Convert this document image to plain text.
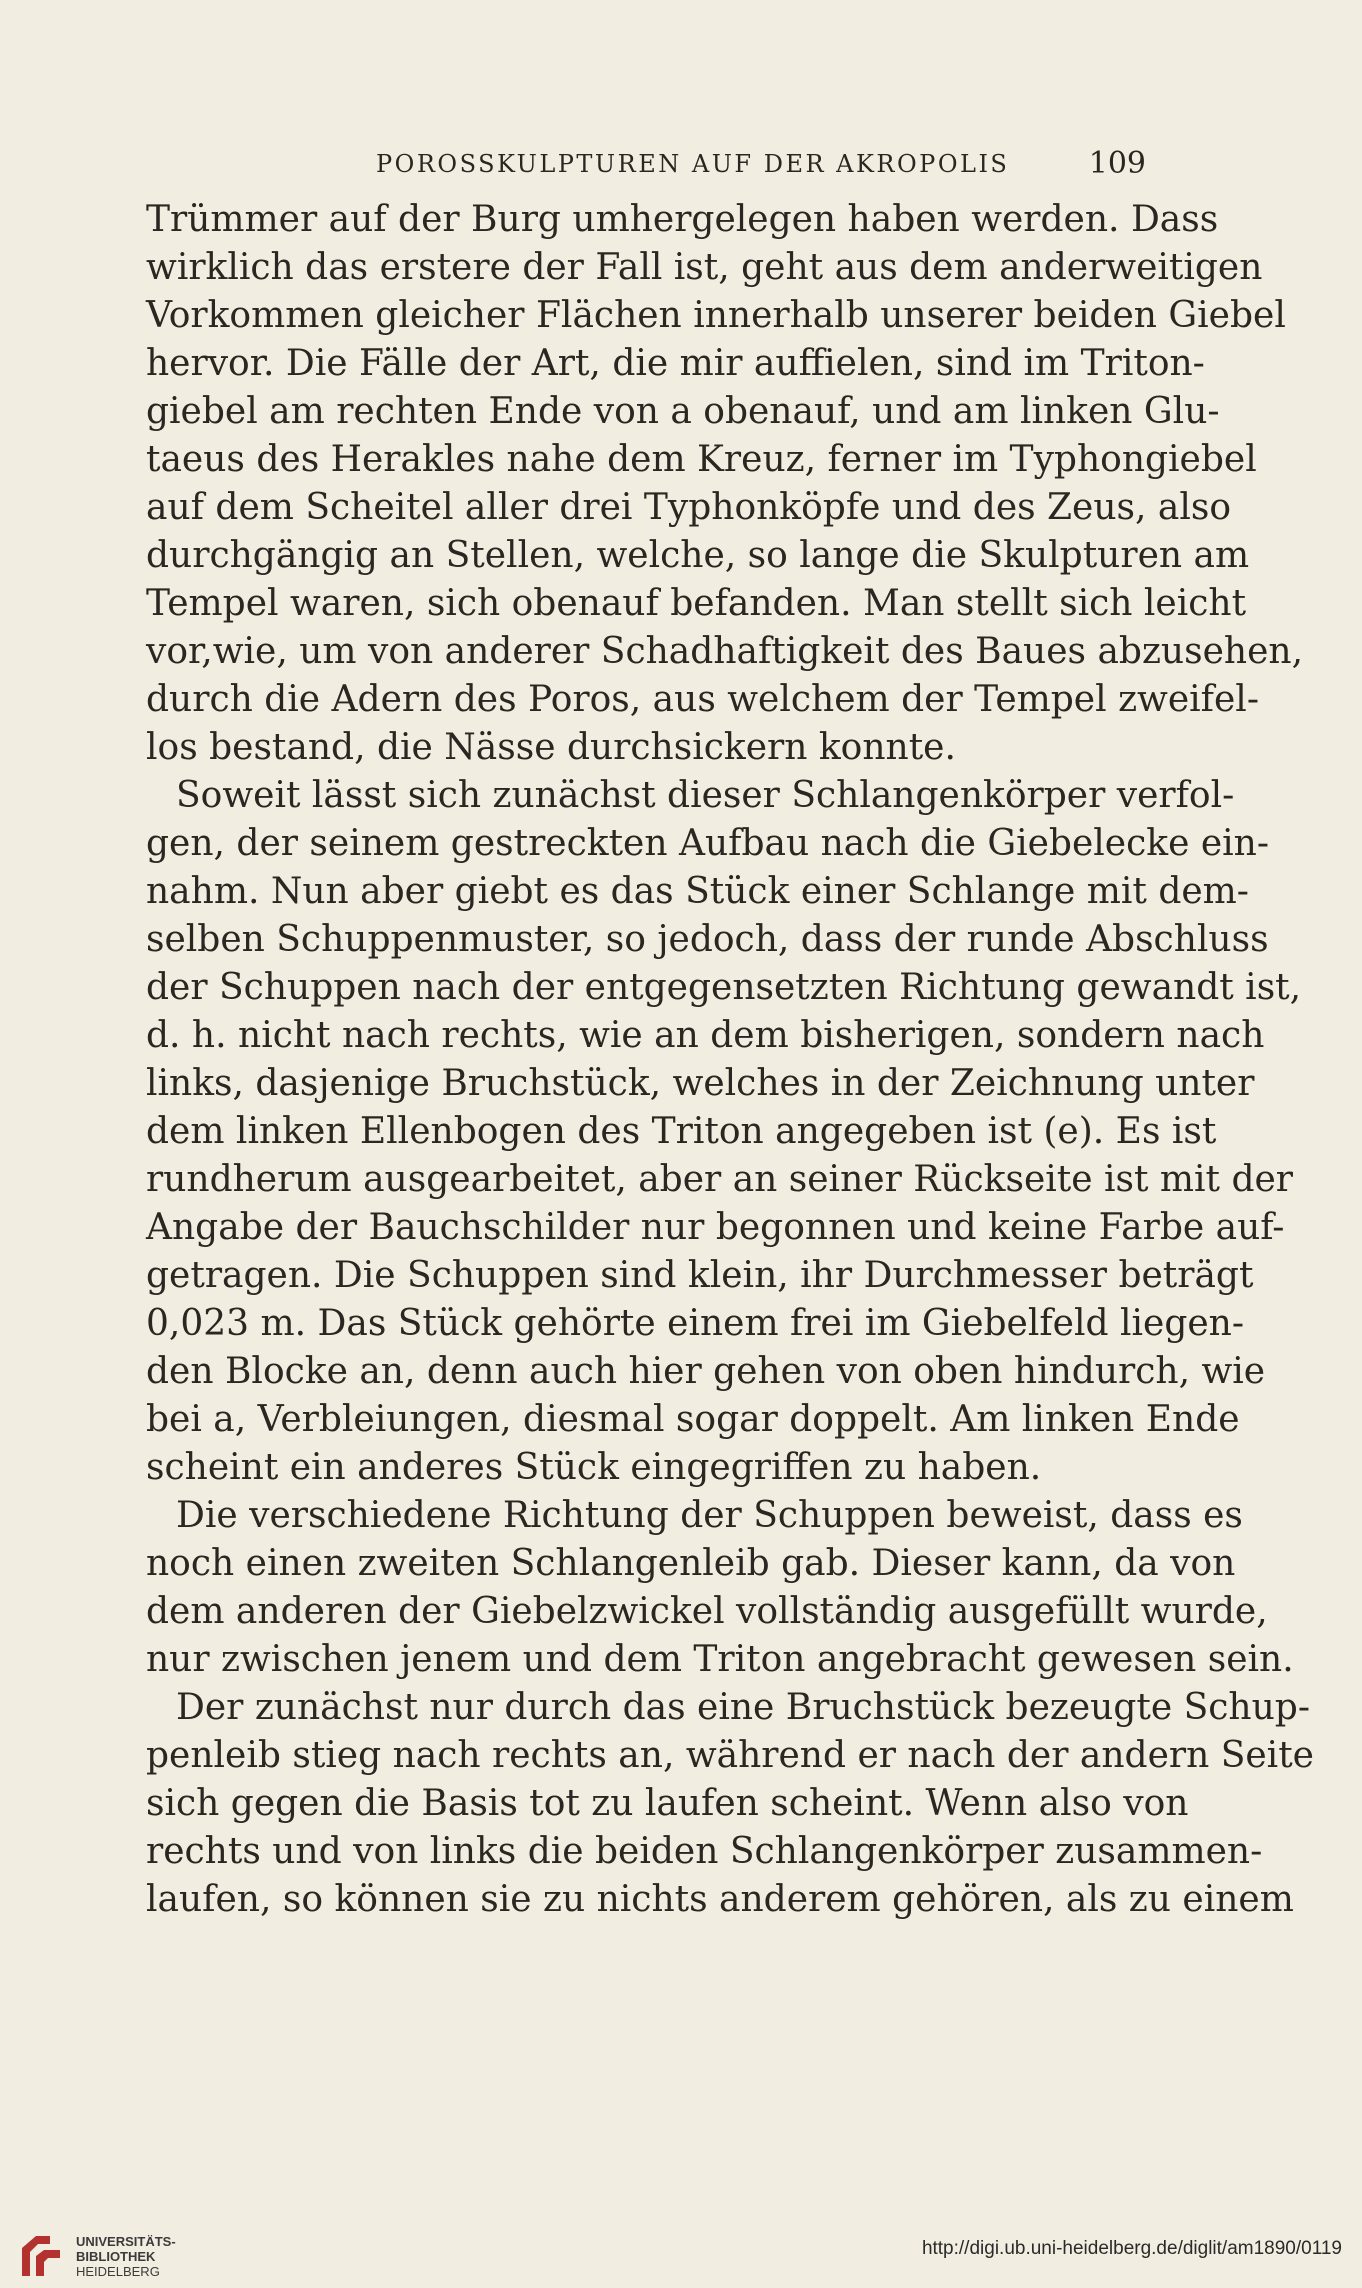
POROSSKULPTUREN AUF DER AKROPOLIS	109
Trümmer auf der Burg umhergelegen haben werden. Dass
wirklich das erstere der Fall ist, geht aus dem anderweitigen
Vorkommen gleicher Flächen innerhalb unserer beiden Giebel
hervor. Die Fälle der Art, die mir auffielen, sind im Triton-
giebel am rechten Ende von a obenauf, und am linken Glu-
taeus des Herakles nahe dem Kreuz, ferner im Typhongiebel
auf dem Scheitel aller drei Typhonköpfe und des Zeus, also
durchgängig an Stellen, welche, so lange die Skulpturen am
Tempel waren, sich obenauf befanden. Man stellt sich leicht
vor,wie, um von anderer Schadhaftigkeit des Baues abzusehen,
durch die Adern des Poros, aus welchem der Tempel zweifel-
los bestand, die Nässe durchsickern konnte.
Soweit lässt sich zunächst dieser Schlangenkörper verfol-
gen, der seinem gestreckten Aufbau nach die Giebelecke ein-
nahm. Nun aber giebt es das Stück einer Schlange mit dem-
selben Schuppenmuster, so jedoch, dass der runde Abschluss
der Schuppen nach der entgegensetzten Richtung gewandt ist,
d. h. nicht nach rechts, wie an dem bisherigen, sondern nach
links, dasjenige Bruchstück, welches in der Zeichnung unter
dem linken Ellenbogen des Triton angegeben ist (e). Es ist
rundherum ausgearbeitet, aber an seiner Rückseite ist mit der
Angabe der Bauchschilder nur begonnen und keine Farbe auf-
getragen. Die Schuppen sind klein, ihr Durchmesser beträgt
0,023 m. Das Stück gehörte einem frei im Giebelfeld liegen-
den Blocke an, denn auch hier gehen von oben hindurch, wie
bei a, Verbleiungen, diesmal sogar doppelt. Am linken Ende
scheint ein anderes Stück eingegriffen zu haben.
Die verschiedene Richtung der Schuppen beweist, dass es
noch einen zweiten Schlangenleib gab. Dieser kann, da von
dem anderen der Giebelzwickel vollständig ausgefüllt wurde,
nur zwischen jenem und dem Triton angebracht gewesen sein.
Der zunächst nur durch das eine Bruchstück bezeugte Schup-
penleib stieg nach rechts an, während er nach der andern Seite
sich gegen die Basis tot zu laufen scheint. Wenn also von
rechts und von links die beiden Schlangenkörper zusammen-
laufen, so können sie zu nichts anderem gehören, als zu einem
UNIVERSITÄTS-
BIBLIOTHEK
HEIDELBERG
http://digi.ub.uni-heidelberg.de/diglit/am1890/0119
